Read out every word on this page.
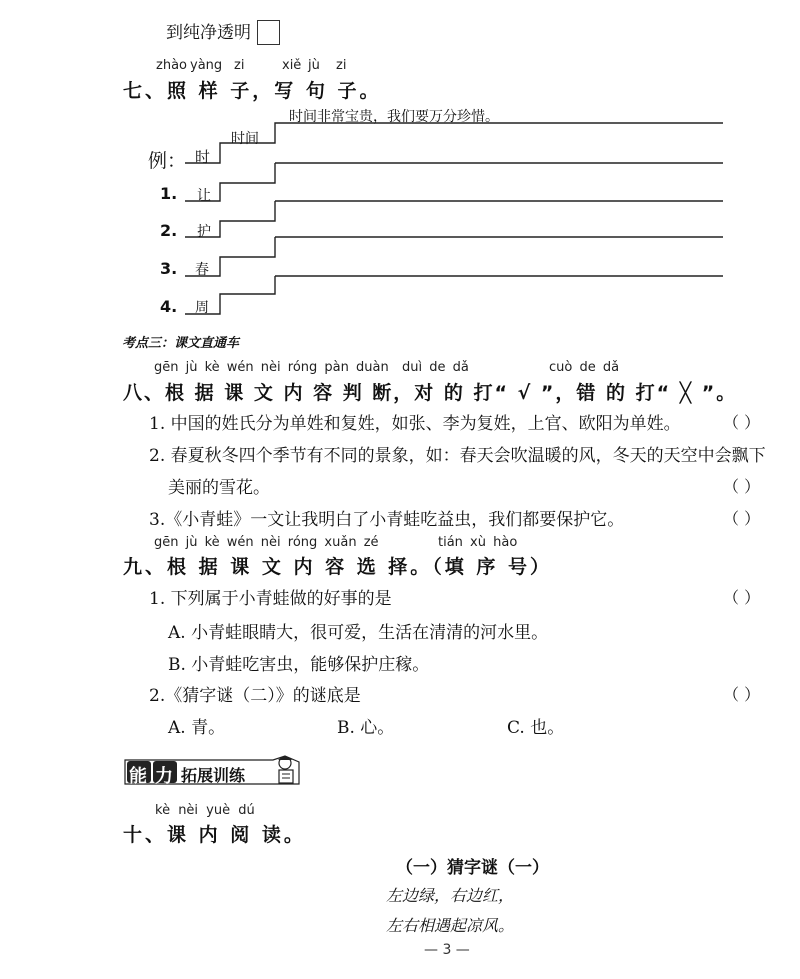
到纯净透明
zhào yàng zi	xiě jù zi
七、照 样 子，写 句 子。
例： 时
时间
时间非常宝贵，我们要万分珍惜。
1. 让
2. 护
3. 春
4. 周
考点三：课文直通车
gēn jù kè wén nèi róng pàn duàn duì de dǎ	cuò de dǎ
八、根 据 课 文 内 容 判 断，对 的 打“ √ ”，错 的 打“ ╳ ”。
1. 中国的姓氏分为单姓和复姓，如张、李为复姓，上官、欧阳为单姓。	（ ）
2. 春夏秋冬四个季节有不同的景象，如：春天会吹温暖的风，冬天的天空中会飘下
美丽的雪花。	（ ）
3.《小青蛙》一文让我明白了小青蛙吃益虫，我们都要保护它。	（ ）
gēn jù kè wén nèi róng xuǎn zé	tián xù hào
九、根 据 课 文 内 容 选 择。（填 序 号）
1. 下列属于小青蛙做的好事的是	（ ）
A. 小青蛙眼睛大，很可爱，生活在清清的河水里。
B. 小青蛙吃害虫，能够保护庄稼。
2.《猜字谜（二）》的谜底是	（ ）
A. 青。	B. 心。	C. 也。
能 力 拓展训练
kè nèi yuè dú
十、课 内 阅 读。
（一）猜字谜（一）
左边绿，右边红，
左右相遇起凉风。
— 3 —
